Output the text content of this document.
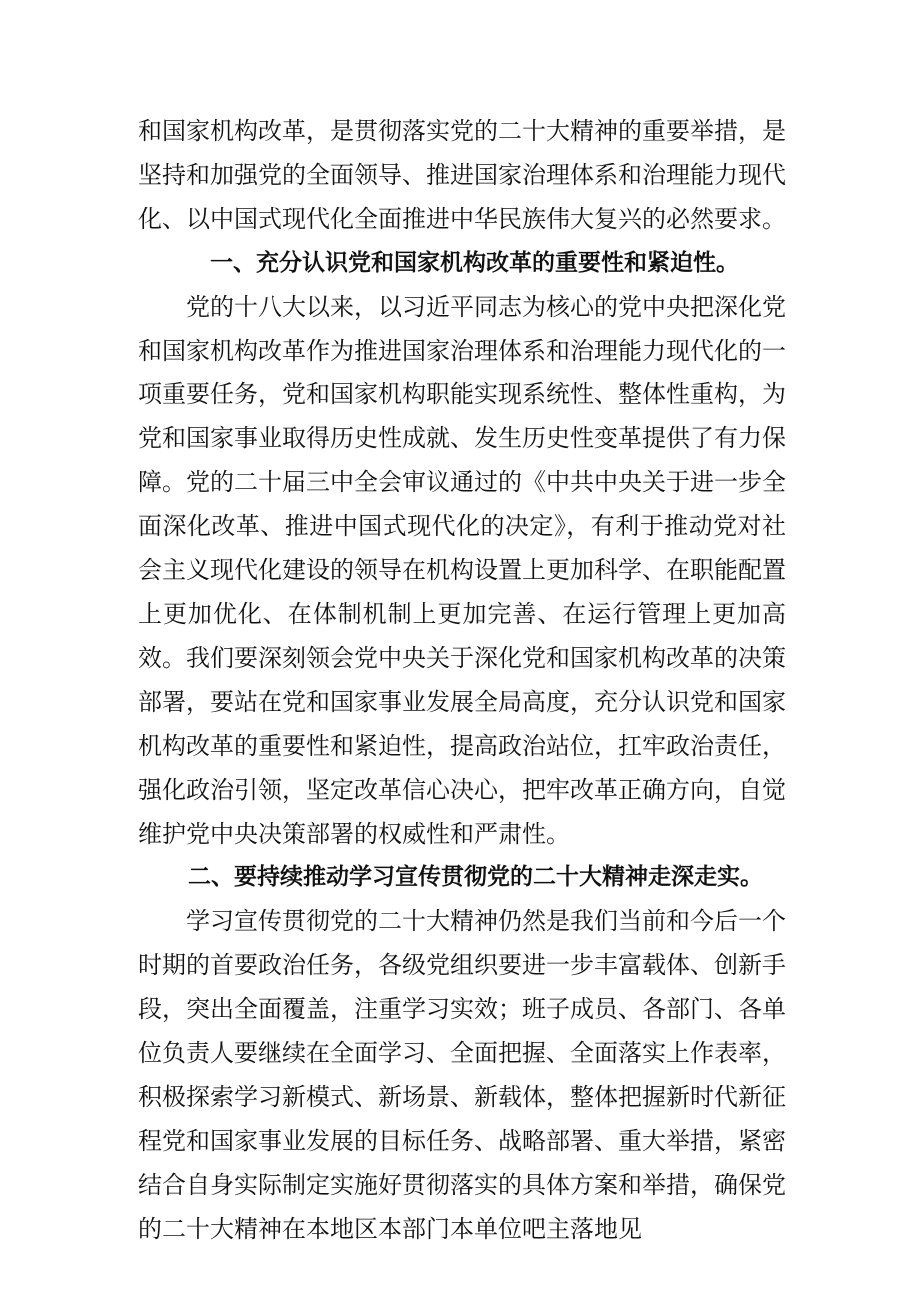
和国家机构改革，是贯彻落实党的二十大精神的重要举措，是坚持和加强党的全面领导、推进国家治理体系和治理能力现代化、以中国式现代化全面推进中华民族伟大复兴的必然要求。

一、充分认识党和国家机构改革的重要性和紧迫性。

党的十八大以来，以习近平同志为核心的党中央把深化党和国家机构改革作为推进国家治理体系和治理能力现代化的一项重要任务，党和国家机构职能实现系统性、整体性重构，为党和国家事业取得历史性成就、发生历史性变革提供了有力保障。党的二十届三中全会审议通过的《中共中央关于进一步全面深化改革、推进中国式现代化的决定》，有利于推动党对社会主义现代化建设的领导在机构设置上更加科学、在职能配置上更加优化、在体制机制上更加完善、在运行管理上更加高效。我们要深刻领会党中央关于深化党和国家机构改革的决策部署，要站在党和国家事业发展全局高度，充分认识党和国家机构改革的重要性和紧迫性，提高政治站位，扛牢政治责任，强化政治引领，坚定改革信心决心，把牢改革正确方向，自觉维护党中央决策部署的权威性和严肃性。

二、要持续推动学习宣传贯彻党的二十大精神走深走实。

学习宣传贯彻党的二十大精神仍然是我们当前和今后一个时期的首要政治任务，各级党组织要进一步丰富载体、创新手段，突出全面覆盖，注重学习实效；班子成员、各部门、各单位负责人要继续在全面学习、全面把握、全面落实上作表率，积极探索学习新模式、新场景、新载体，整体把握新时代新征程党和国家事业发展的目标任务、战略部署、重大举措，紧密结合自身实际制定实施好贯彻落实的具体方案和举措，确保党的二十大精神在本地区本部门本单位吧主落地见
